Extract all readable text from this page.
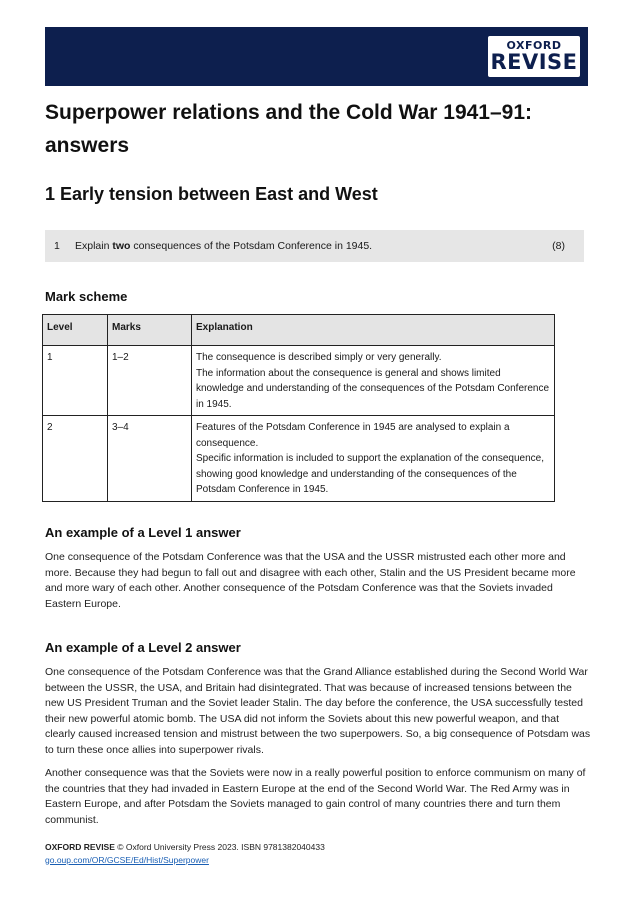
OXFORD
REVISE
Superpower relations and the Cold War 1941–91: answers
1 Early tension between East and West
1 Explain two consequences of the Potsdam Conference in 1945.	(8)
Mark scheme
Level	Marks	Explanation
1	1–2	The consequence is described simply or very generally.
The information about the consequence is general and shows limited knowledge and understanding of the consequences of the Potsdam Conference in 1945.

2	3–4	Features of the Potsdam Conference in 1945 are analysed to explain a consequence.
Specific information is included to support the explanation of the consequence, showing good knowledge and understanding of the consequences of the Potsdam Conference in 1945.
An example of a Level 1 answer

One consequence of the Potsdam Conference was that the USA and the USSR mistrusted each other more and more. Because they had begun to fall out and disagree with each other, Stalin and the US President became more and more wary of each other. Another consequence of the Potsdam Conference was that the Soviets invaded Eastern Europe.

An example of a Level 2 answer

One consequence of the Potsdam Conference was that the Grand Alliance established during the Second World War between the USSR, the USA, and Britain had disintegrated. That was because of increased tensions between the new US President Truman and the Soviet leader Stalin. The day before the conference, the USA successfully tested their new powerful atomic bomb. The USA did not inform the Soviets about this new powerful weapon, and that clearly caused increased tension and mistrust between the two superpowers. So, a big consequence of Potsdam was to turn these once allies into superpower rivals.

Another consequence was that the Soviets were now in a really powerful position to enforce communism on many of the countries that they had invaded in Eastern Europe at the end of the Second World War. The Red Army was in Eastern Europe, and after Potsdam the Soviets managed to gain control of many countries there and turn them communist.

OXFORD REVISE © Oxford University Press 2023. ISBN 9781382040433
go.oup.com/OR/GCSE/Ed/Hist/Superpower
